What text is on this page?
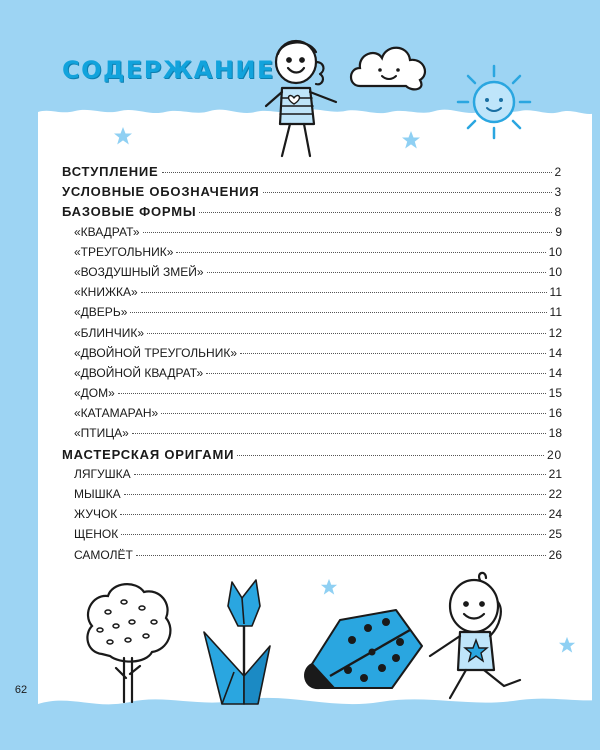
СОДЕРЖАНИЕ
ВСТУПЛЕНИЕ	2
УСЛОВНЫЕ ОБОЗНАЧЕНИЯ	3
БАЗОВЫЕ ФОРМЫ	8
«КВАДРАТ»	9
«ТРЕУГОЛЬНИК»	10
«ВОЗДУШНЫЙ ЗМЕЙ»	10
«КНИЖКА»	11
«ДВЕРЬ»	11
«БЛИНЧИК»	12
«ДВОЙНОЙ ТРЕУГОЛЬНИК»	14
«ДВОЙНОЙ КВАДРАТ»	14
«ДОМ»	15
«КАТАМАРАН»	16
«ПТИЦА»	18
МАСТЕРСКАЯ ОРИГАМИ	20
ЛЯГУШКА	21
МЫШКА	22
ЖУЧОК	24
ЩЕНОК	25
САМОЛЁТ	26
62
